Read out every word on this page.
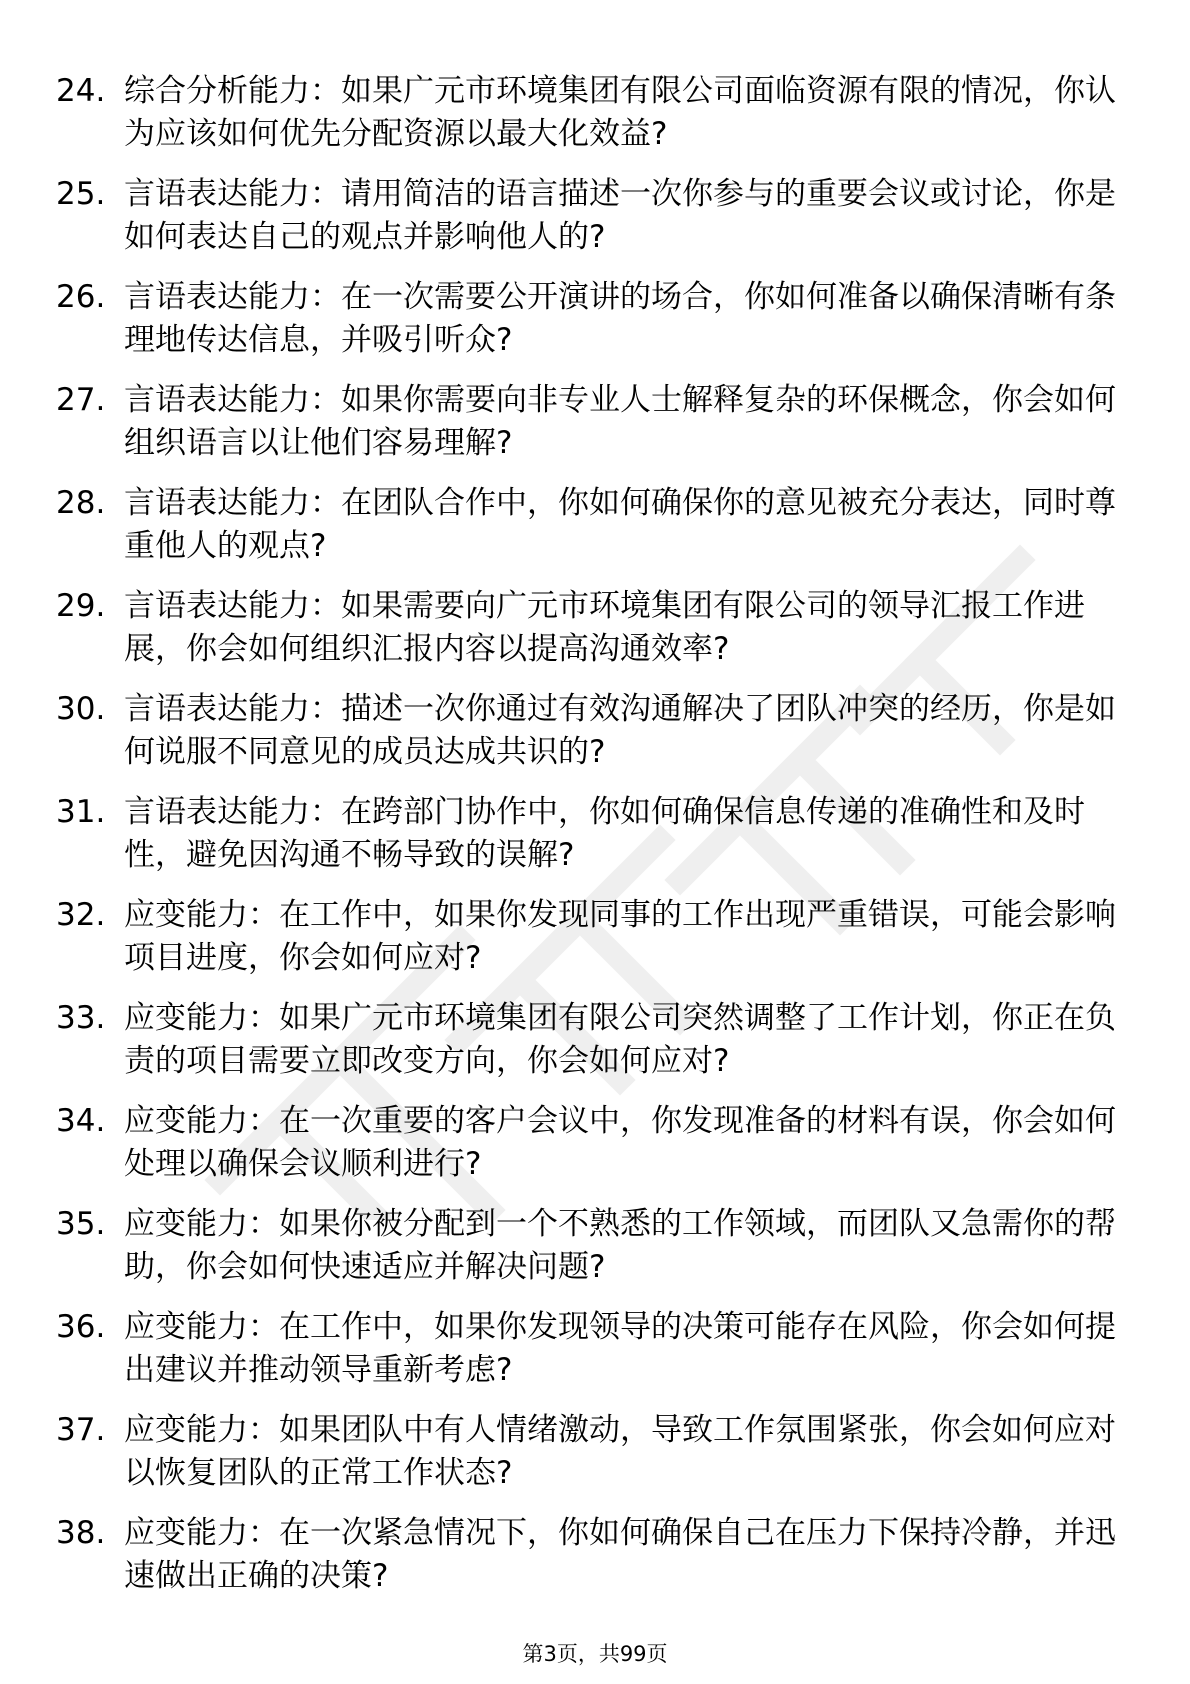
24. 综合分析能力：如果广元市环境集团有限公司面临资源有限的情况，你认为应该如何优先分配资源以最大化效益?
25. 言语表达能力：请用简洁的语言描述一次你参与的重要会议或讨论，你是如何表达自己的观点并影响他人的?
26. 言语表达能力：在一次需要公开演讲的场合，你如何准备以确保清晰有条理地传达信息，并吸引听众?
27. 言语表达能力：如果你需要向非专业人士解释复杂的环保概念，你会如何组织语言以让他们容易理解?
28. 言语表达能力：在团队合作中，你如何确保你的意见被充分表达，同时尊重他人的观点?
29. 言语表达能力：如果需要向广元市环境集团有限公司的领导汇报工作进展，你会如何组织汇报内容以提高沟通效率?
30. 言语表达能力：描述一次你通过有效沟通解决了团队冲突的经历，你是如何说服不同意见的成员达成共识的?
31. 言语表达能力：在跨部门协作中，你如何确保信息传递的准确性和及时性，避免因沟通不畅导致的误解?
32. 应变能力：在工作中，如果你发现同事的工作出现严重错误，可能会影响项目进度，你会如何应对?
33. 应变能力：如果广元市环境集团有限公司突然调整了工作计划，你正在负责的项目需要立即改变方向，你会如何应对?
34. 应变能力：在一次重要的客户会议中，你发现准备的材料有误，你会如何处理以确保会议顺利进行?
35. 应变能力：如果你被分配到一个不熟悉的工作领域，而团队又急需你的帮助，你会如何快速适应并解决问题?
36. 应变能力：在工作中，如果你发现领导的决策可能存在风险，你会如何提出建议并推动领导重新考虑?
37. 应变能力：如果团队中有人情绪激动，导致工作氛围紧张，你会如何应对以恢复团队的正常工作状态?
38. 应变能力：在一次紧急情况下，你如何确保自己在压力下保持冷静，并迅速做出正确的决策?
第3页，共99页
